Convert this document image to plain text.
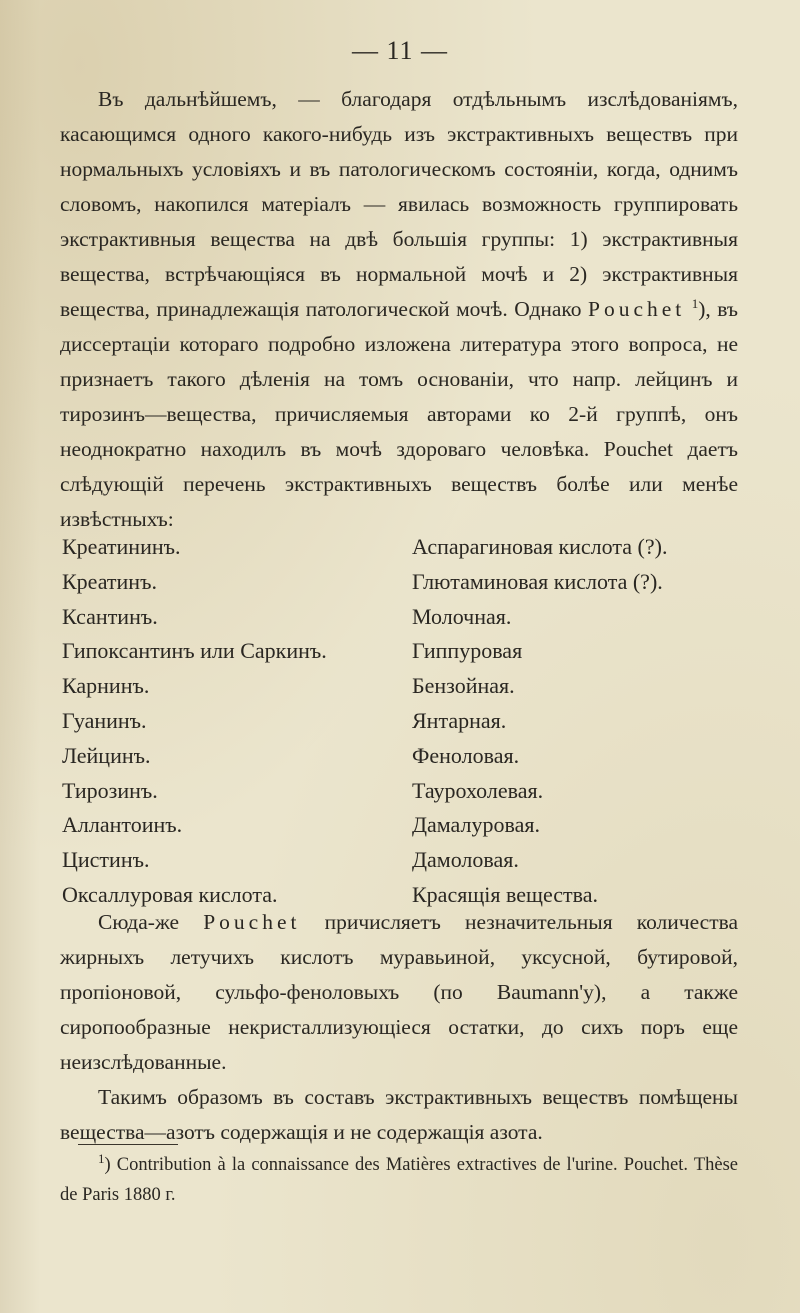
— 11 —

Въ дальнѣйшемъ, — благодаря отдѣльнымъ изслѣдованіямъ, касающимся одного какого-нибудь изъ экстрактивныхъ веществъ при нормальныхъ условіяхъ и въ патологическомъ состояніи, когда, однимъ словомъ, накопился матеріалъ — явилась возможность группировать экстрактивныя вещества на двѣ большія группы: 1) экстрактивныя вещества, встрѣчающіяся въ нормальной мочѣ и 2) экстрактивныя вещества, принадлежащія патологической мочѣ. Однако Pouchet $^1$), въ диссертаціи котораго подробно изложена литература этого вопроса, не признаетъ такого дѣленія на томъ основаніи, что напр. лейцинъ и тирозинъ—вещества, причисляемыя авторами ко 2-й группѣ, онъ неоднократно находилъ въ мочѣ здороваго человѣка. Pouchet даетъ слѣдующій перечень экстрактивныхъ веществъ болѣе или менѣе извѣстныхъ:

Креатининъ.
Креатинъ.
Ксантинъ.
Гипоксантинъ или Саркинъ.
Карнинъ.
Гуанинъ.
Лейцинъ.
Тирозинъ.
Аллантоинъ.
Цистинъ.
Оксаллуровая кислота.
Аспарагиновая кислота (?).
Глютаминовая кислота (?).
Молочная.
Гиппуровая
Бензойная.
Янтарная.
Феноловая.
Таурохолевая.
Дамалуровая.
Дамоловая.
Красящія вещества.

Сюда-же Pouchet причисляетъ незначительныя количества жирныхъ летучихъ кислотъ муравьиной, уксусной, бутировой, пропіоновой, сульфо-феноловыхъ (по Baumann'у), а также сиропообразные некристаллизующіеся остатки, до сихъ поръ еще неизслѣдованные.

Такимъ образомъ въ составъ экстрактивныхъ веществъ помѣщены вещества—азотъ содержащія и не содержащія азота.

$^1$) Contribution à la connaissance des Matières extractives de l'urine. Pouchet. Thèse de Paris 1880 г.
